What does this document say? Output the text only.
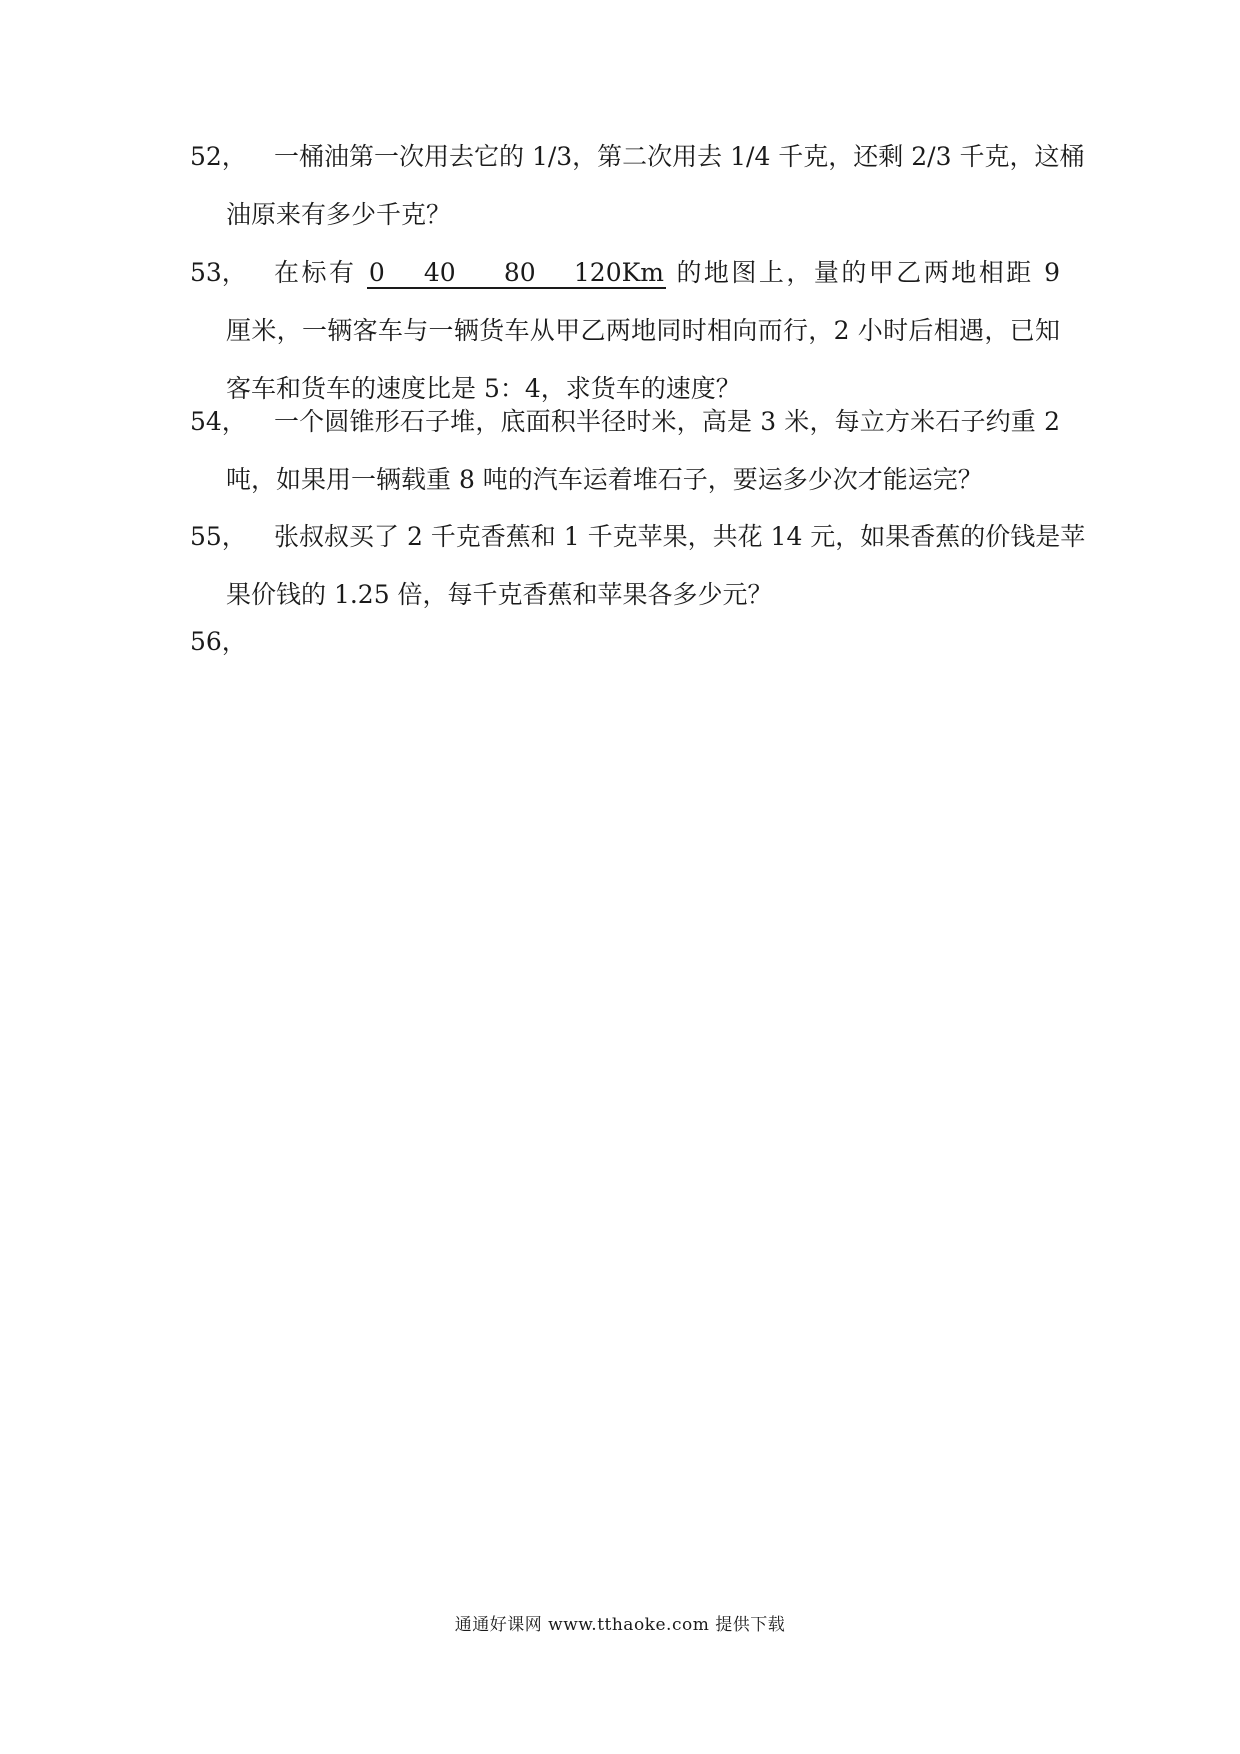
52，	一桶油第一次用去它的 1/3，第二次用去 1/4 千克，还剩 2/3 千克，这桶
油原来有多少千克？
53，	在标有 0 40 80 120Km 的地图上，量的甲乙两地相距 9
厘米，一辆客车与一辆货车从甲乙两地同时相向而行，2 小时后相遇，已知
客车和货车的速度比是 5：4，求货车的速度？
54，	一个圆锥形石子堆，底面积半径时米，高是 3 米，每立方米石子约重 2
吨，如果用一辆载重 8 吨的汽车运着堆石子，要运多少次才能运完？
55，	张叔叔买了 2 千克香蕉和 1 千克苹果，共花 14 元，如果香蕉的价钱是苹
果价钱的 1.25 倍，每千克香蕉和苹果各多少元？
56，
通通好课网 www.tthaoke.com 提供下载
